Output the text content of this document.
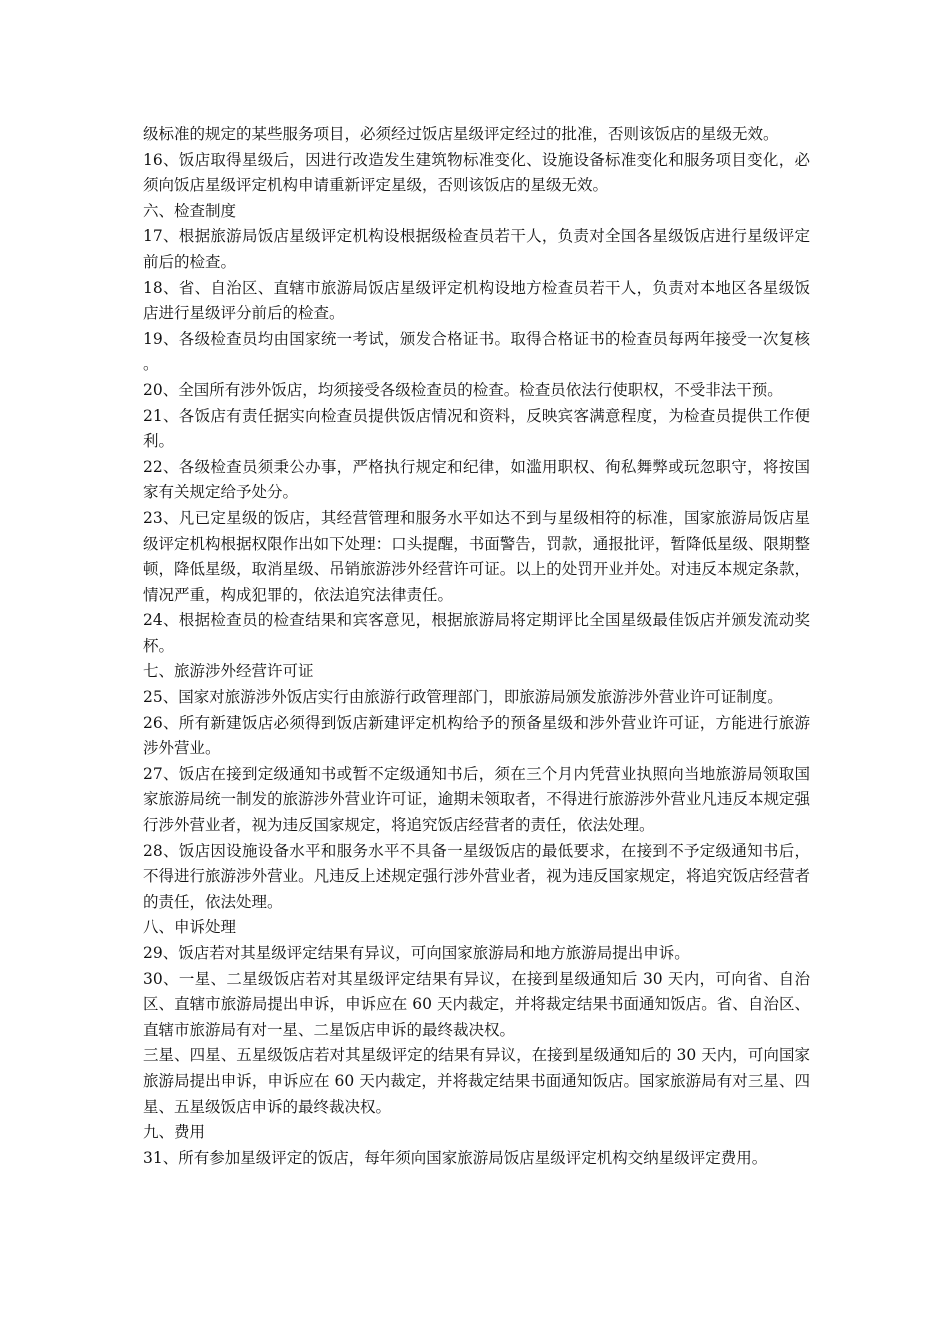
级标准的规定的某些服务项目，必须经过饭店星级评定经过的批准，否则该饭店的星级无效。

16、饭店取得星级后，因进行改造发生建筑物标准变化、设施设备标准变化和服务项目变化，必须向饭店星级评定机构申请重新评定星级，否则该饭店的星级无效。

六、检查制度

17、根据旅游局饭店星级评定机构设根据级检查员若干人，负责对全国各星级饭店进行星级评定前后的检查。

18、省、自治区、直辖市旅游局饭店星级评定机构设地方检查员若干人，负责对本地区各星级饭店进行星级评分前后的检查。

19、各级检查员均由国家统一考试，颁发合格证书。取得合格证书的检查员每两年接受一次复核。

20、全国所有涉外饭店，均须接受各级检查员的检查。检查员依法行使职权，不受非法干预。

21、各饭店有责任据实向检查员提供饭店情况和资料，反映宾客满意程度，为检查员提供工作便利。

22、各级检查员须秉公办事，严格执行规定和纪律，如滥用职权、徇私舞弊或玩忽职守，将按国家有关规定给予处分。

23、凡已定星级的饭店，其经营管理和服务水平如达不到与星级相符的标准，国家旅游局饭店星级评定机构根据权限作出如下处理：口头提醒，书面警告，罚款，通报批评，暂降低星级、限期整顿，降低星级，取消星级、吊销旅游涉外经营许可证。以上的处罚开业并处。对违反本规定条款，情况严重，构成犯罪的，依法追究法律责任。

24、根据检查员的检查结果和宾客意见，根据旅游局将定期评比全国星级最佳饭店并颁发流动奖杯。

七、旅游涉外经营许可证

25、国家对旅游涉外饭店实行由旅游行政管理部门，即旅游局颁发旅游涉外营业许可证制度。

26、所有新建饭店必须得到饭店新建评定机构给予的预备星级和涉外营业许可证，方能进行旅游涉外营业。

27、饭店在接到定级通知书或暂不定级通知书后，须在三个月内凭营业执照向当地旅游局领取国家旅游局统一制发的旅游涉外营业许可证，逾期未领取者，不得进行旅游涉外营业凡违反本规定强行涉外营业者，视为违反国家规定，将追究饭店经营者的责任，依法处理。

28、饭店因设施设备水平和服务水平不具备一星级饭店的最低要求，在接到不予定级通知书后，不得进行旅游涉外营业。凡违反上述规定强行涉外营业者，视为违反国家规定，将追究饭店经营者的责任，依法处理。

八、申诉处理

29、饭店若对其星级评定结果有异议，可向国家旅游局和地方旅游局提出申诉。

30、一星、二星级饭店若对其星级评定结果有异议，在接到星级通知后 30 天内，可向省、自治区、直辖市旅游局提出申诉，申诉应在 60 天内裁定，并将裁定结果书面通知饭店。省、自治区、直辖市旅游局有对一星、二星饭店申诉的最终裁决权。

三星、四星、五星级饭店若对其星级评定的结果有异议，在接到星级通知后的 30 天内，可向国家旅游局提出申诉，申诉应在 60 天内裁定，并将裁定结果书面通知饭店。国家旅游局有对三星、四星、五星级饭店申诉的最终裁决权。

九、费用

31、所有参加星级评定的饭店，每年须向国家旅游局饭店星级评定机构交纳星级评定费用。
